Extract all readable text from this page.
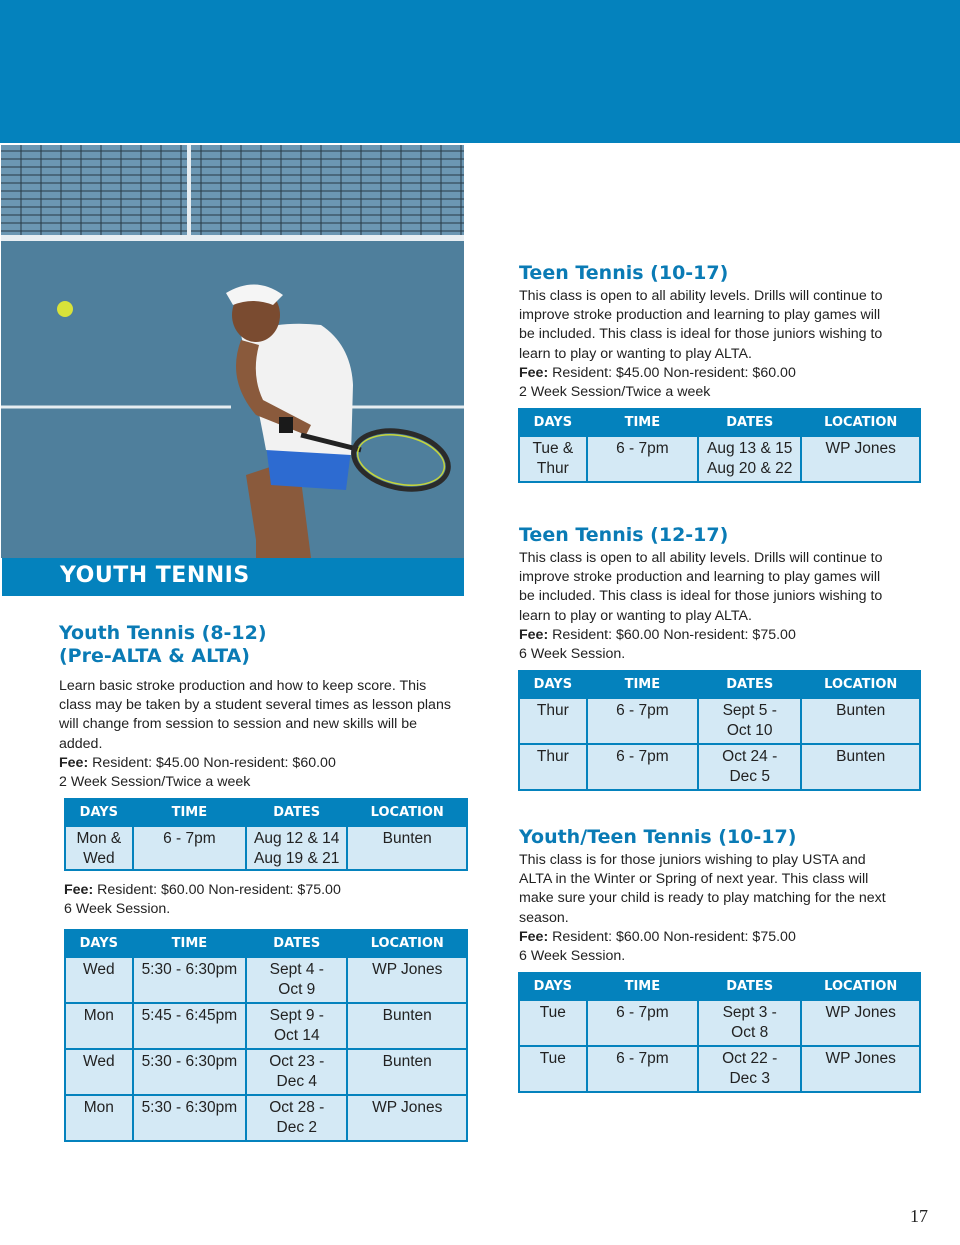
YOUTH TENNIS

Youth Tennis (8-12)

(Pre-ALTA & ALTA)

Learn basic stroke production and how to keep score. This

class may be taken by a student several times as lesson plans

will change from session to session and new skills will be

added.

Fee: Resident: $45.00 Non-resident: $60.00

2 Week Session/Twice a week

DAYS	TIME	DATES	LOCATION

Mon &
Wed	6 - 7pm	Aug 12 & 14
Aug 19 & 21	Bunten

Fee: Resident: $60.00 Non-resident: $75.00

6 Week Session.

DAYS	TIME	DATES	LOCATION
Wed	5:30 - 6:30pm	Sept 4 -
Oct 9	WP Jones
Mon	5:45 - 6:45pm	Sept 9 -
Oct 14	Bunten
Wed	5:30 - 6:30pm	Oct 23 -
Dec 4	Bunten
Mon	5:30 - 6:30pm	Oct 28 -
Dec 2	WP Jones

Teen Tennis (10-17)

This class is open to all ability levels. Drills will continue to

improve stroke production and learning to play games will

be included. This class is ideal for those juniors wishing to

learn to play or wanting to play ALTA.

Fee: Resident: $45.00 Non-resident: $60.00

2 Week Session/Twice a week

DAYS	TIME	DATES	LOCATION

Tue &
Thur	6 - 7pm	Aug 13 & 15
Aug 20 & 22	WP Jones

Teen Tennis (12-17)

This class is open to all ability levels. Drills will continue to

improve stroke production and learning to play games will

be included. This class is ideal for those juniors wishing to

learn to play or wanting to play ALTA.

Fee: Resident: $60.00 Non-resident: $75.00

6 Week Session.

DAYS	TIME	DATES	LOCATION
Thur	6 - 7pm	Sept 5 -
Oct 10	Bunten
Thur	6 - 7pm	Oct 24 -
Dec 5	Bunten

Youth/Teen Tennis (10-17)

This class is for those juniors wishing to play USTA and

ALTA in the Winter or Spring of next year. This class will

make sure your child is ready to play matching for the next

season.

Fee: Resident: $60.00 Non-resident: $75.00

6 Week Session.

DAYS	TIME	DATES	LOCATION
Tue	6 - 7pm	Sept 3 -
Oct 8	WP Jones
Tue	6 - 7pm	Oct 22 -
Dec 3	WP Jones
17
